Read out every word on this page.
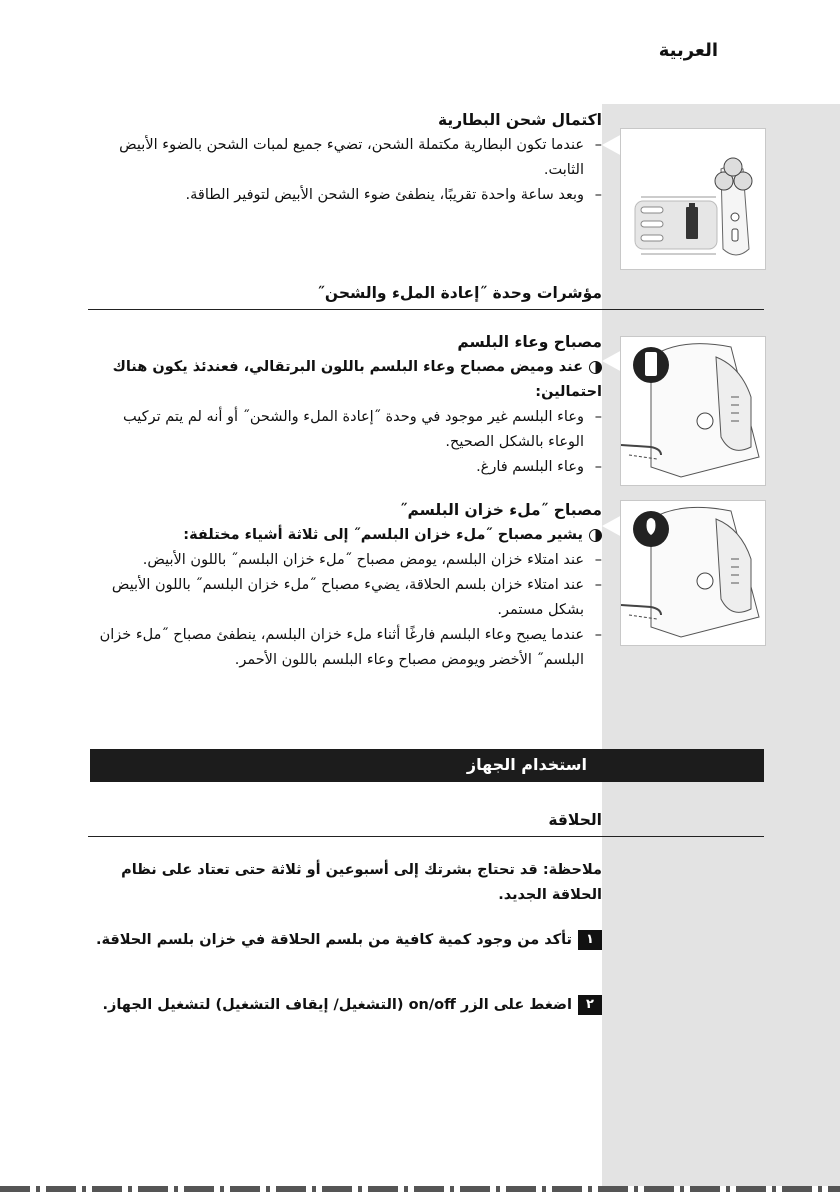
العربية
اكتمال شحن البطارية
–
عندما تكون البطارية مكتملة الشحن، تضيء جميع لمبات الشحن بالضوء الأبيض الثابت.
–
وبعد ساعة واحدة تقريبًا، ينطفئ ضوء الشحن الأبيض لتوفير الطاقة.
مؤشرات وحدة ˝إعادة الملء والشحن˝
مصباح وعاء البلسم
عند وميض مصباح وعاء البلسم باللون البرتقالي، فعندئذ يكون هناك احتمالين:
–
وعاء البلسم غير موجود في وحدة ˝إعادة الملء والشحن˝ أو أنه لم يتم تركيب الوعاء بالشكل الصحيح.
–
وعاء البلسم فارغ.
مصباح ˝ملء خزان البلسم˝
يشير مصباح ˝ملء خزان البلسم˝ إلى ثلاثة أشياء مختلفة:
–
عند امتلاء خزان البلسم، يومض مصباح ˝ملء خزان البلسم˝ باللون الأبيض.
–
عند امتلاء خزان بلسم الحلاقة، يضيء مصباح ˝ملء خزان البلسم˝ باللون الأبيض بشكل مستمر.
–
عندما يصبح وعاء البلسم فارغًا أثناء ملء خزان البلسم، ينطفئ مصباح ˝ملء خزان البلسم˝ الأخضر ويومض مصباح وعاء البلسم باللون الأحمر.
استخدام الجهاز
الحلاقة
ملاحظة: قد تحتاج بشرتك إلى أسبوعين أو ثلاثة حتى تعتاد على نظام الحلاقة الجديد.
١تأكد من وجود كمية كافية من بلسم الحلاقة في خزان بلسم الحلاقة.
٢اضغط على الزر on/off (التشغيل/ إيقاف التشغيل) لتشغيل الجهاز.
